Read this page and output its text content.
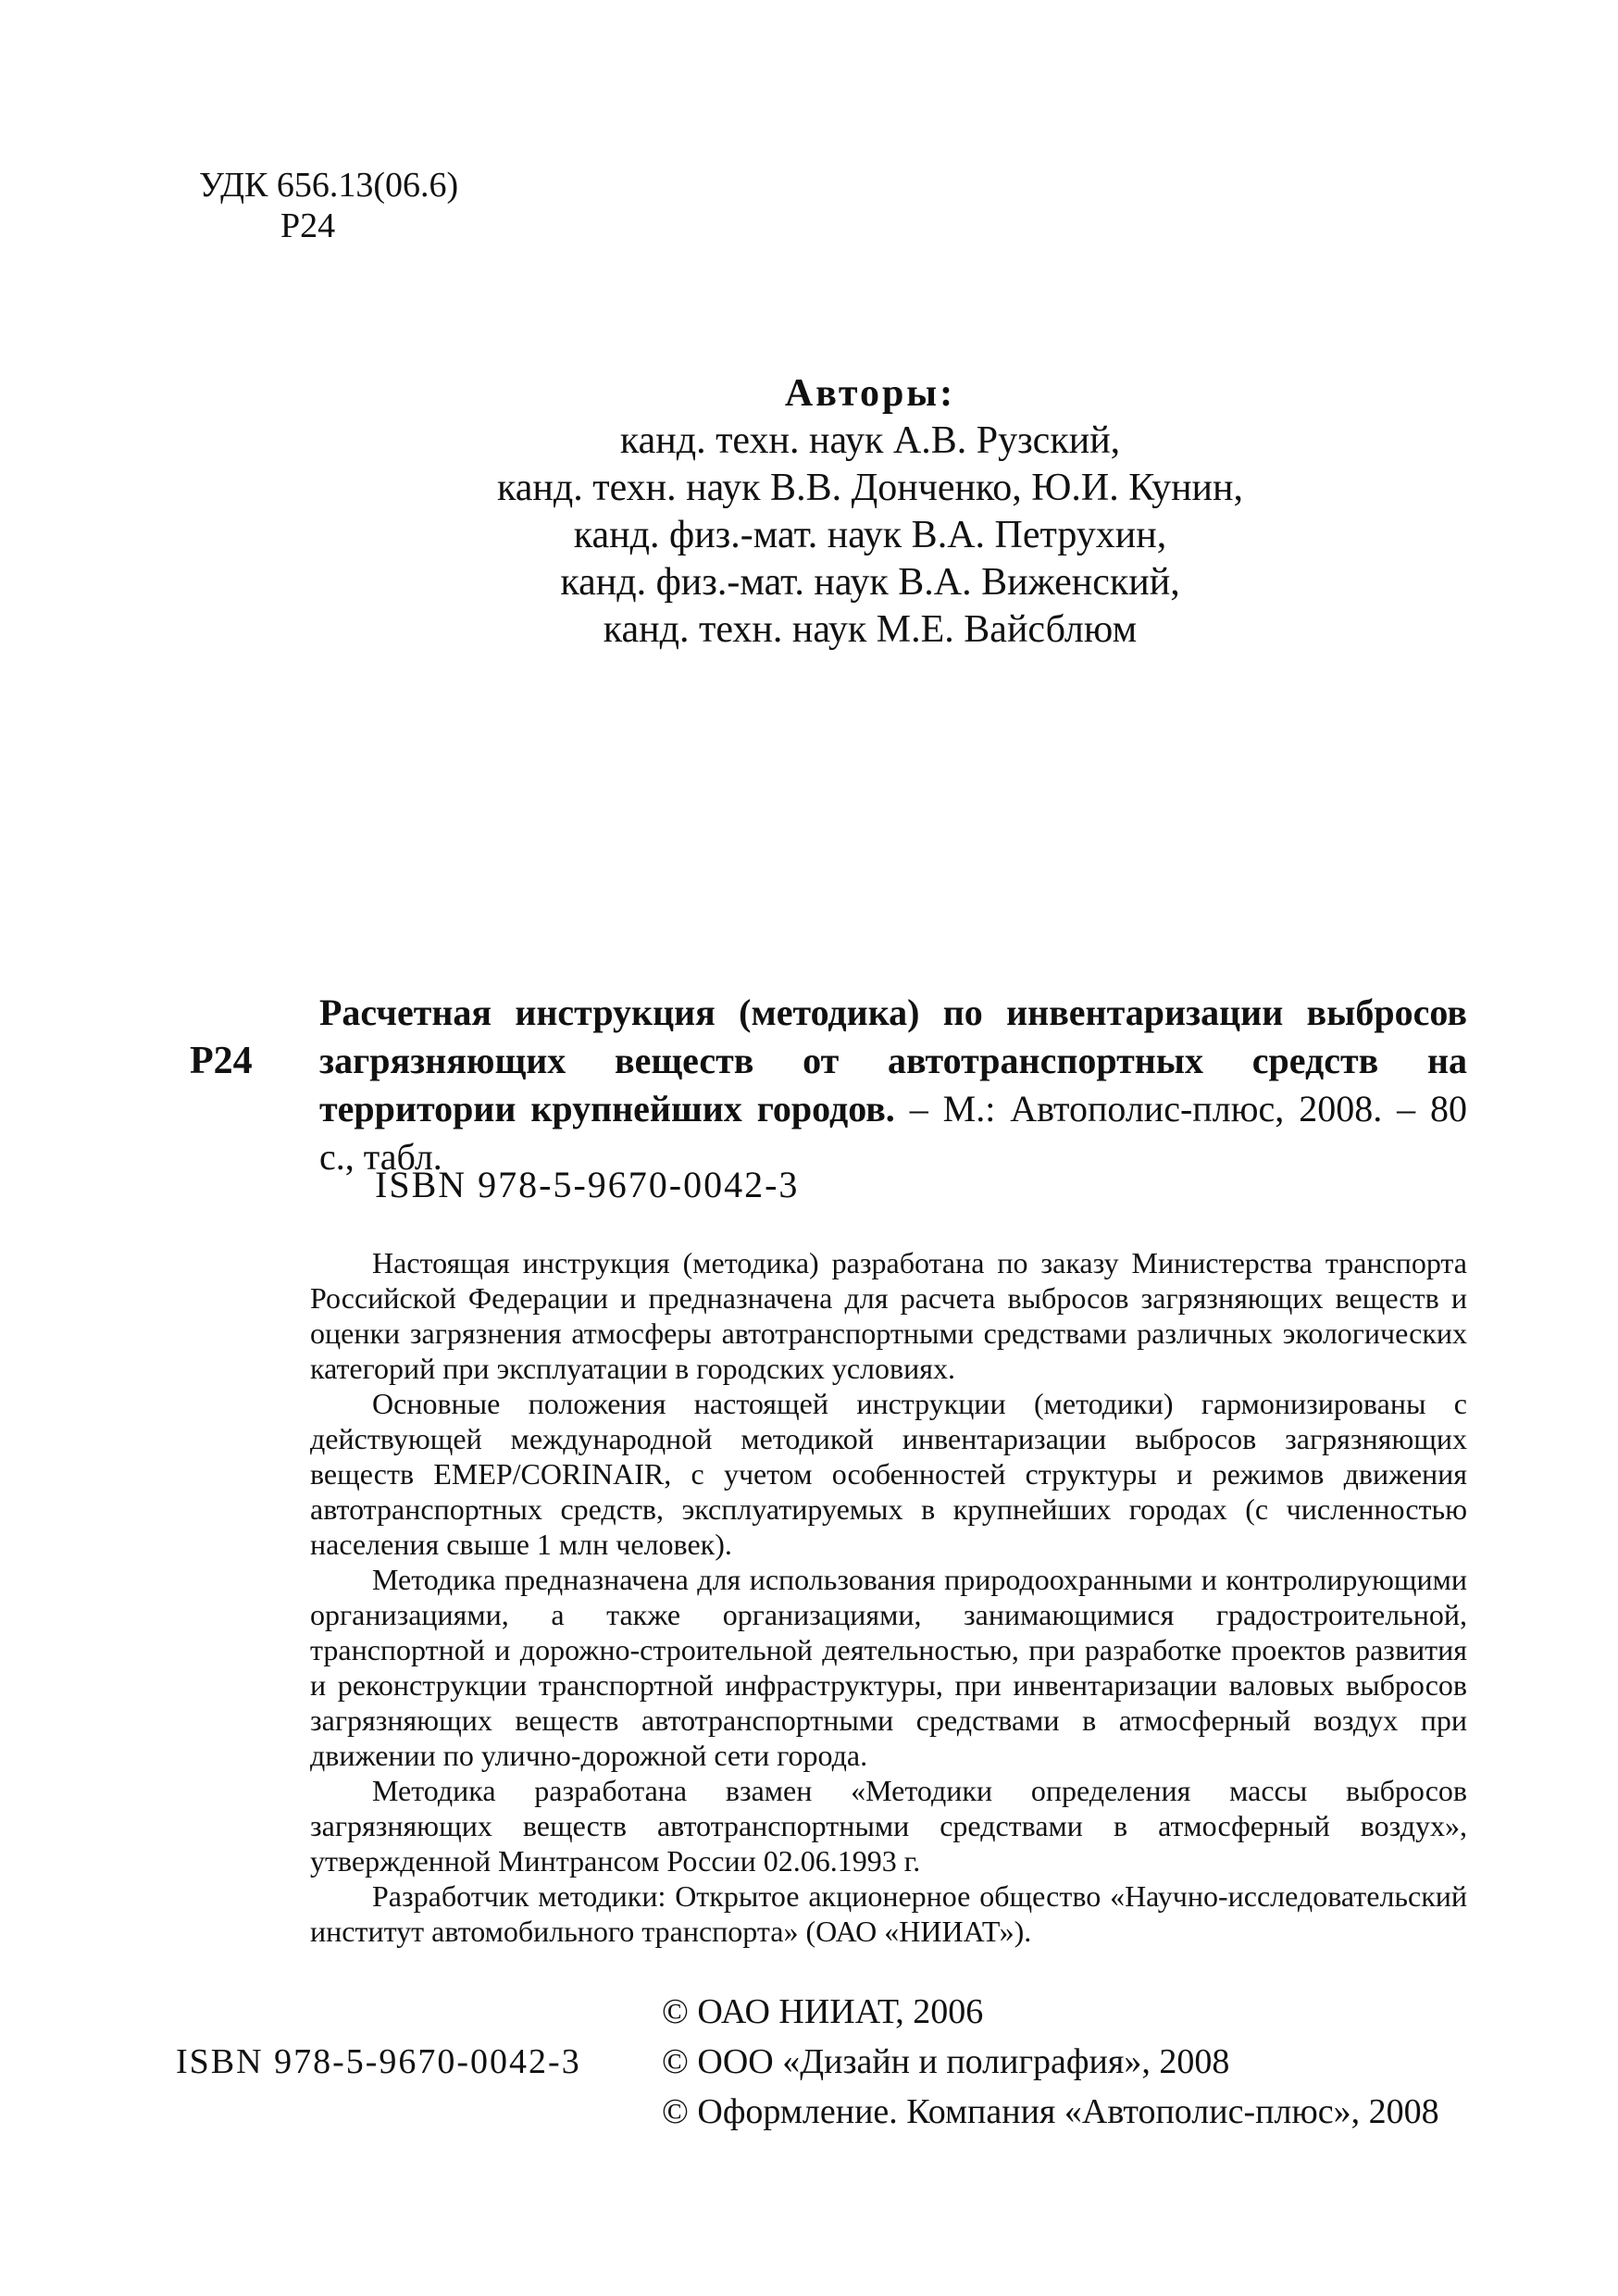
УДК 656.13(06.6)
Р24
Авторы:
канд. техн. наук А.В. Рузский,
канд. техн. наук В.В. Донченко, Ю.И. Кунин,
канд. физ.-мат. наук В.А. Петрухин,
канд. физ.-мат. наук В.А. Виженский,
канд. техн. наук М.Е. Вайсблюм
Р24
Расчетная инструкция (методика) по инвентаризации выбросов загрязняющих веществ от автотранспортных средств на территории крупнейших городов. – М.: Автополис-плюс, 2008. – 80 с., табл.
ISBN 978-5-9670-0042-3

Настоящая инструкция (методика) разработана по заказу Министерства транспорта Российской Федерации и предназначена для расчета выбросов загрязняющих веществ и оценки загрязнения атмосферы автотранспортными средствами различных экологических категорий при эксплуатации в городских условиях.

Основные положения настоящей инструкции (методики) гармонизированы с действующей международной методикой инвентаризации выбросов загрязняющих веществ EMEP/CORINAIR, с учетом особенностей структуры и режимов движения автотранспортных средств, эксплуатируемых в крупнейших городах (с численностью населения свыше 1 млн человек).

Методика предназначена для использования природоохранными и контролирующими организациями, а также организациями, занимающимися градостроительной, транспортной и дорожно-строительной деятельностью, при разработке проектов развития и реконструкции транспортной инфраструктуры, при инвентаризации валовых выбросов загрязняющих веществ автотранспортными средствами в атмосферный воздух при движении по улично-дорожной сети города.

Методика разработана взамен «Методики определения массы выбросов загрязняющих веществ автотранспортными средствами в атмосферный воздух», утвержденной Минтрансом России 02.06.1993 г.

Разработчик методики: Открытое акционерное общество «Научно-исследовательский институт автомобильного транспорта» (ОАО «НИИАТ»).

© ОАО НИИАТ, 2006
© ООО «Дизайн и полиграфия», 2008
© Оформление. Компания «Автополис-плюс», 2008
ISBN 978-5-9670-0042-3
